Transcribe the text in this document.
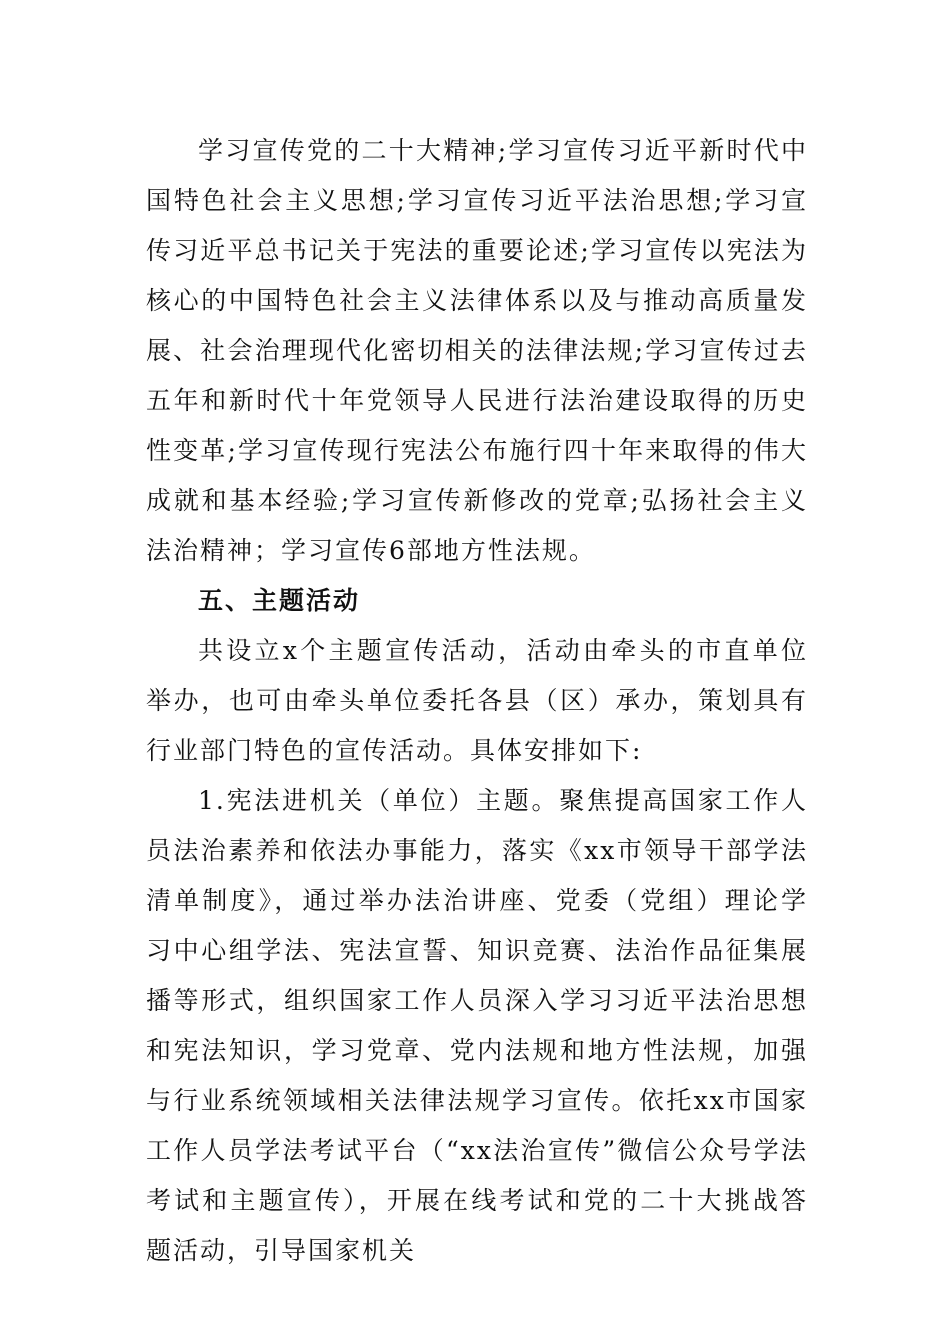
学习宣传党的二十大精神;学习宣传习近平新时代中国特色社会主义思想;学习宣传习近平法治思想;学习宣传习近平总书记关于宪法的重要论述;学习宣传以宪法为核心的中国特色社会主义法律体系以及与推动高质量发展、社会治理现代化密切相关的法律法规;学习宣传过去五年和新时代十年党领导人民进行法治建设取得的历史性变革;学习宣传现行宪法公布施行四十年来取得的伟大成就和基本经验;学习宣传新修改的党章;弘扬社会主义法治精神；学习宣传6部地方性法规。

五、主题活动

共设立x个主题宣传活动，活动由牵头的市直单位举办，也可由牵头单位委托各县（区）承办，策划具有行业部门特色的宣传活动。具体安排如下:

1.宪法进机关（单位）主题。聚焦提高国家工作人员法治素养和依法办事能力，落实《xx市领导干部学法清单制度》，通过举办法治讲座、党委（党组）理论学习中心组学法、宪法宣誓、知识竞赛、法治作品征集展播等形式，组织国家工作人员深入学习习近平法治思想和宪法知识，学习党章、党内法规和地方性法规，加强与行业系统领域相关法律法规学习宣传。依托xx市国家工作人员学法考试平台（“xx法治宣传”微信公众号学法考试和主题宣传），开展在线考试和党的二十大挑战答题活动，引导国家机关
